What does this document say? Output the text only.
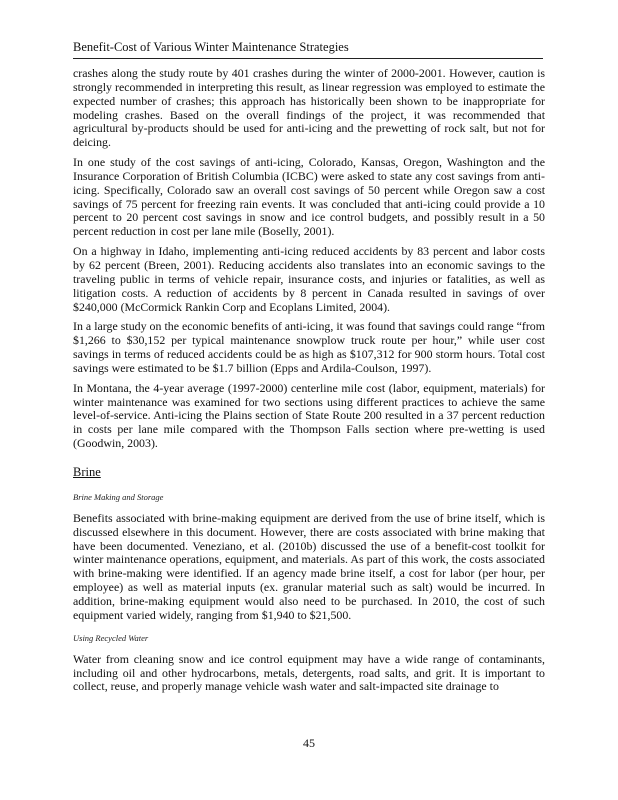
Benefit-Cost of Various Winter Maintenance Strategies

crashes along the study route by 401 crashes during the winter of 2000-2001. However, caution is strongly recommended in interpreting this result, as linear regression was employed to estimate the expected number of crashes; this approach has historically been shown to be inappropriate for modeling crashes. Based on the overall findings of the project, it was recommended that agricultural by-products should be used for anti-icing and the prewetting of rock salt, but not for deicing.

In one study of the cost savings of anti-icing, Colorado, Kansas, Oregon, Washington and the Insurance Corporation of British Columbia (ICBC) were asked to state any cost savings from anti-icing. Specifically, Colorado saw an overall cost savings of 50 percent while Oregon saw a cost savings of 75 percent for freezing rain events. It was concluded that anti-icing could provide a 10 percent to 20 percent cost savings in snow and ice control budgets, and possibly result in a 50 percent reduction in cost per lane mile (Boselly, 2001).

On a highway in Idaho, implementing anti-icing reduced accidents by 83 percent and labor costs by 62 percent (Breen, 2001). Reducing accidents also translates into an economic savings to the traveling public in terms of vehicle repair, insurance costs, and injuries or fatalities, as well as litigation costs. A reduction of accidents by 8 percent in Canada resulted in savings of over $240,000 (McCormick Rankin Corp and Ecoplans Limited, 2004).

In a large study on the economic benefits of anti-icing, it was found that savings could range “from $1,266 to $30,152 per typical maintenance snowplow truck route per hour,” while user cost savings in terms of reduced accidents could be as high as $107,312 for 900 storm hours. Total cost savings were estimated to be $1.7 billion (Epps and Ardila-Coulson, 1997).

In Montana, the 4-year average (1997-2000) centerline mile cost (labor, equipment, materials) for winter maintenance was examined for two sections using different practices to achieve the same level-of-service. Anti-icing the Plains section of State Route 200 resulted in a 37 percent reduction in costs per lane mile compared with the Thompson Falls section where pre-wetting is used (Goodwin, 2003).

Brine
Brine Making and Storage

Benefits associated with brine-making equipment are derived from the use of brine itself, which is discussed elsewhere in this document. However, there are costs associated with brine making that have been documented. Veneziano, et al. (2010b) discussed the use of a benefit-cost toolkit for winter maintenance operations, equipment, and materials. As part of this work, the costs associated with brine-making were identified. If an agency made brine itself, a cost for labor (per hour, per employee) as well as material inputs (ex. granular material such as salt) would be incurred. In addition, brine-making equipment would also need to be purchased. In 2010, the cost of such equipment varied widely, ranging from $1,940 to $21,500.

Using Recycled Water

Water from cleaning snow and ice control equipment may have a wide range of contaminants, including oil and other hydrocarbons, metals, detergents, road salts, and grit. It is important to collect, reuse, and properly manage vehicle wash water and salt-impacted site drainage to

45
